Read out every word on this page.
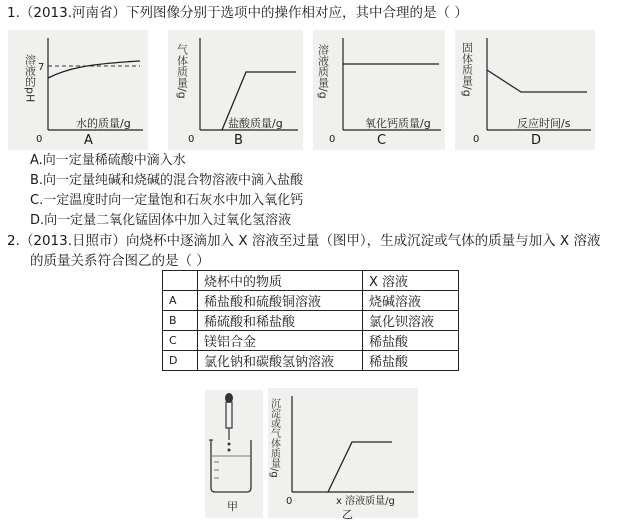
1.（2013.河南省）下列图像分别于选项中的操作相对应，其中合理的是（ ）
溶液的pH 7
0
水的质量/g
A
气体质量/g
0
盐酸质量/g
B
溶液质量/g
0
氧化钙质量/g
C
固体质量/g
0
反应时间/s
D
A.向一定量稀硫酸中滴入水
B.向一定量纯碱和烧碱的混合物溶液中滴入盐酸
C.一定温度时向一定量饱和石灰水中加入氧化钙
D.向一定量二氧化锰固体中加入过氧化氢溶液
2.（2013.日照市）向烧杯中逐滴加入 X 溶液至过量（图甲），生成沉淀或气体的质量与加入 X 溶液
的质量关系符合图乙的是（ ）
	烧杯中的物质	X 溶液
A	稀盐酸和硫酸铜溶液	烧碱溶液
B	稀硫酸和稀盐酸	氯化钡溶液
C	镁铝合金	稀盐酸
D	氯化钠和碳酸氢钠溶液	稀盐酸
甲
沉淀或气体质量/g
0	x 溶液质量/g
乙
